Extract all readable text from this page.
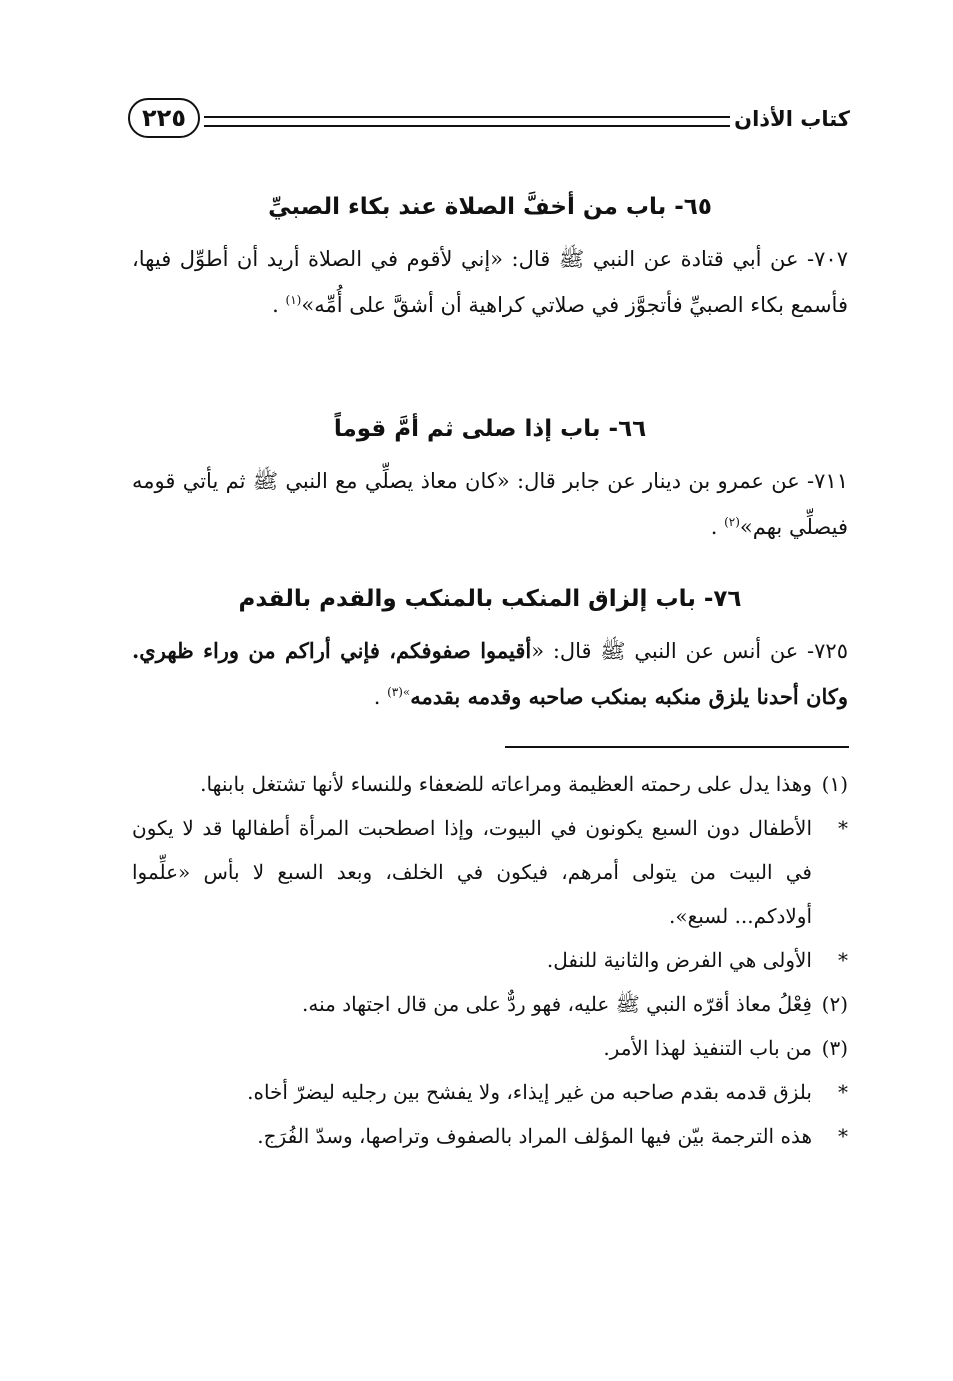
كتاب الأذان
٢٢٥
٦٥- باب من أخفَّ الصلاة عند بكاء الصبيِّ

٧٠٧- عن أبي قتادة عن النبي ﷺ قال: «إني لأقوم في الصلاة أريد أن أطوِّل فيها، فأسمع بكاء الصبيِّ فأتجوَّز في صلاتي كراهية أن أشقَّ على أُمِّه»$^{(١)}$ .

٦٦- باب إذا صلى ثم أمَّ قوماً

٧١١- عن عمرو بن دينار عن جابر قال: «كان معاذ يصلِّي مع النبي ﷺ ثم يأتي قومه فيصلِّي بهم»$^{(٢)}$ .

٧٦- باب إلزاق المنكب بالمنكب والقدم بالقدم

٧٢٥- عن أنس عن النبي ﷺ قال: «أقيموا صفوفكم، فإني أراكم من وراء ظهري. وكان أحدنا يلزق منكبه بمنكب صاحبه وقدمه بقدمه$^{»(٣)}$ .

(١)
وهذا يدل على رحمته العظيمة ومراعاته للضعفاء وللنساء لأنها تشتغل بابنها.
*
الأطفال دون السبع يكونون في البيوت، وإذا اصطحبت المرأة أطفالها قد لا يكون في البيت من يتولى أمرهم، فيكون في الخلف، وبعد السبع لا بأس «علِّموا أولادكم... لسبع».
*
الأولى هي الفرض والثانية للنفل.
(٢)
فِعْلُ معاذ أقرّه النبي ﷺ عليه، فهو ردٌّ على من قال اجتهاد منه.
(٣)
من باب التنفيذ لهذا الأمر.
*
بلزق قدمه بقدم صاحبه من غير إيذاء، ولا يفشح بين رجليه ليضرّ أخاه.
*
هذه الترجمة بيّن فيها المؤلف المراد بالصفوف وتراصها، وسدّ الفُرَج.
